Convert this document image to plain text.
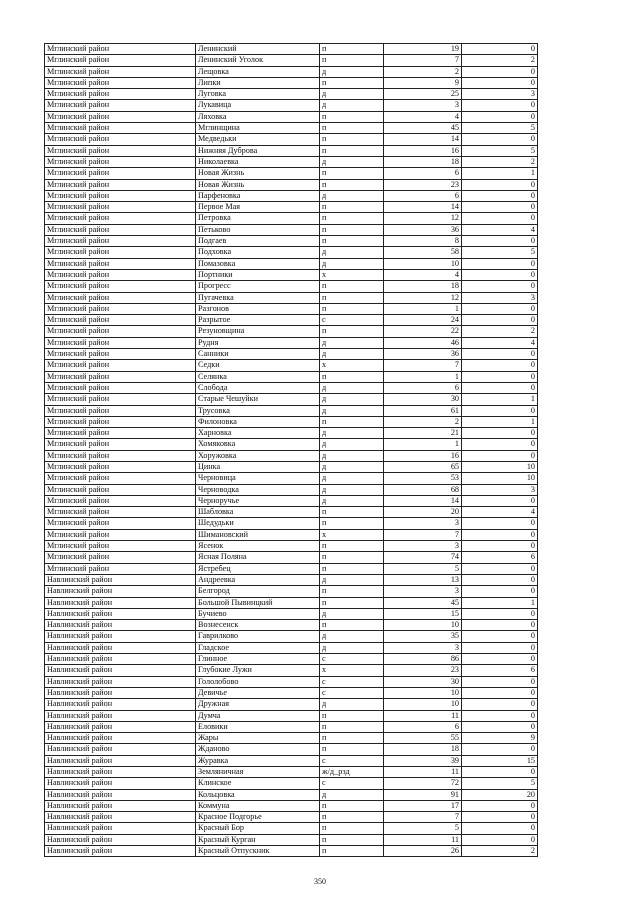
Мглинский район	Ленинский	п	19	0
Мглинский район	Ленинский Уголок	п	7	2
Мглинский район	Лещовка	д	2	0
Мглинский район	Липки	п	9	0
Мглинский район	Луговка	д	25	3
Мглинский район	Лукавица	д	3	0
Мглинский район	Ляховка	п	4	0
Мглинский район	Мглинщина	п	45	5
Мглинский район	Медведьки	п	14	0
Мглинский район	Нижняя Дуброва	п	16	5
Мглинский район	Николаевка	д	18	2
Мглинский район	Новая Жизнь	п	6	1
Мглинский район	Новая Жизнь	п	23	0
Мглинский район	Парфеновка	д	6	0
Мглинский район	Первое Мая	п	14	0
Мглинский район	Петровка	п	12	0
Мглинский район	Петьково	п	36	4
Мглинский район	Подгаев	п	8	0
Мглинский район	Подховка	д	58	5
Мглинский район	Помазовка	д	10	0
Мглинский район	Портники	х	4	0
Мглинский район	Прогресс	п	18	0
Мглинский район	Пугачевка	п	12	3
Мглинский район	Разгонов	п	1	0
Мглинский район	Разрытое	с	24	0
Мглинский район	Резуновщина	п	22	2
Мглинский район	Рудня	д	46	4
Мглинский район	Санники	д	36	0
Мглинский район	Седки	х	7	0
Мглинский район	Селянка	п	1	0
Мглинский район	Слобода	д	6	0
Мглинский район	Старые Чешуйки	д	30	1
Мглинский район	Трусовка	д	61	0
Мглинский район	Филоновка	п	2	1
Мглинский район	Харновка	д	21	0
Мглинский район	Хомяковка	д	1	0
Мглинский район	Хоружовка	д	16	0
Мглинский район	Цинка	д	65	10
Мглинский район	Черновица	д	53	10
Мглинский район	Черноводка	д	68	3
Мглинский район	Черноручье	д	14	0
Мглинский район	Шабловка	п	20	4
Мглинский район	Шедудьки	п	3	0
Мглинский район	Шимановский	х	7	0
Мглинский район	Ясенок	п	3	0
Мглинский район	Ясная Поляна	п	74	6
Мглинский район	Ястребец	п	5	0
Навлинский район	Андреевка	д	13	0
Навлинский район	Белгород	п	3	0
Навлинский район	Большой Пывинцкий	п	45	1
Навлинский район	Бучиево	д	15	0
Навлинский район	Вознесенск	п	10	0
Навлинский район	Гаврилково	д	35	0
Навлинский район	Гладское	д	3	0
Навлинский район	Глинное	с	86	0
Навлинский район	Глубокие Лужи	х	23	6
Навлинский район	Гололобово	с	30	0
Навлинский район	Девичье	с	10	0
Навлинский район	Дружная	д	10	0
Навлинский район	Думча	п	11	0
Навлинский район	Еловики	п	6	0
Навлинский район	Жары	п	55	9
Навлинский район	Жданово	п	18	0
Навлинский район	Журавка	с	39	15
Навлинский район	Земляничная	ж/д_рзд	11	0
Навлинский район	Клинское	с	72	5
Навлинский район	Кольцовка	д	91	20
Навлинский район	Коммуна	п	17	0
Навлинский район	Красное Подгорье	п	7	0
Навлинский район	Красный Бор	п	5	0
Навлинский район	Красный Курган	п	11	0
Навлинский район	Красный Отпускник	п	26	2
350
